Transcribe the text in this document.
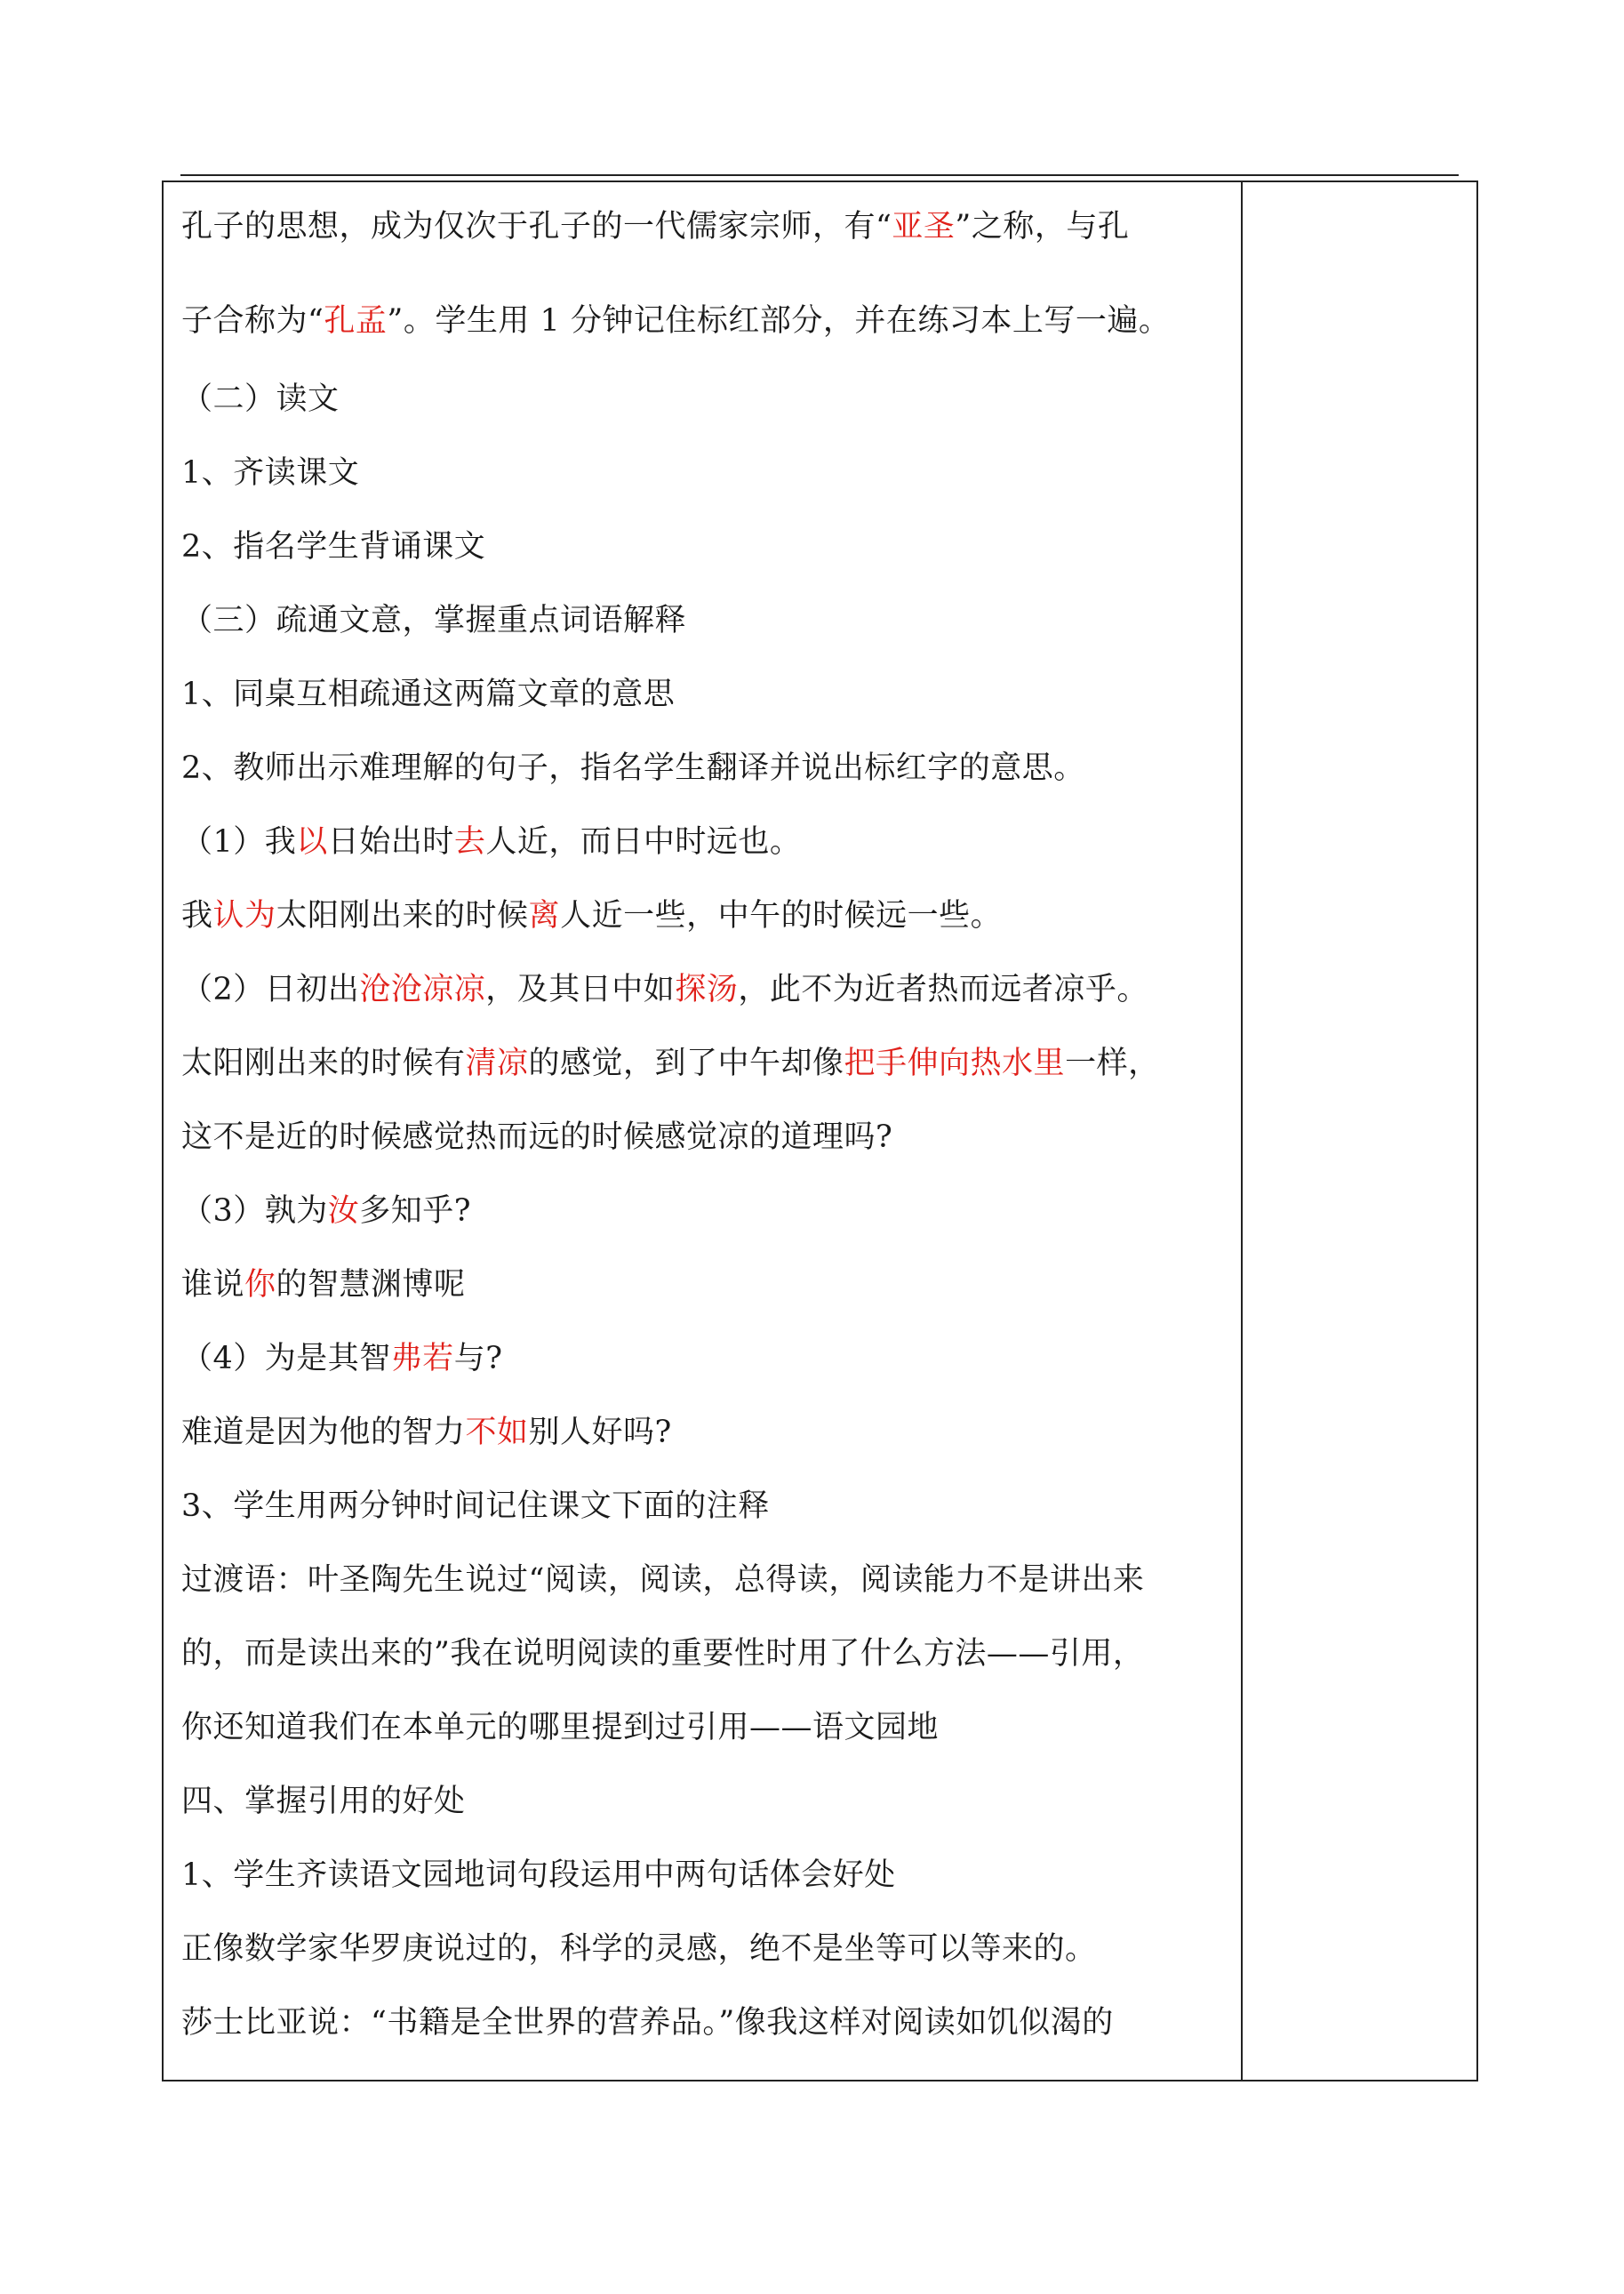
孔子的思想，成为仅次于孔子的一代儒家宗师，有“亚圣”之称，与孔
子合称为“孔孟”。学生用 1 分钟记住标红部分，并在练习本上写一遍。
（二）读文
1、齐读课文
2、指名学生背诵课文
（三）疏通文意，掌握重点词语解释
1、同桌互相疏通这两篇文章的意思
2、教师出示难理解的句子，指名学生翻译并说出标红字的意思。
（1）我以日始出时去人近，而日中时远也。
我认为太阳刚出来的时候离人近一些，中午的时候远一些。
（2）日初出沧沧凉凉，及其日中如探汤，此不为近者热而远者凉乎。
太阳刚出来的时候有清凉的感觉，到了中午却像把手伸向热水里一样，
这不是近的时候感觉热而远的时候感觉凉的道理吗?
（3）孰为汝多知乎?
谁说你的智慧渊博呢
（4）为是其智弗若与?
难道是因为他的智力不如别人好吗?
3、学生用两分钟时间记住课文下面的注释
过渡语：叶圣陶先生说过“阅读，阅读，总得读，阅读能力不是讲出来
的，而是读出来的”我在说明阅读的重要性时用了什么方法——引用，
你还知道我们在本单元的哪里提到过引用——语文园地
四、掌握引用的好处
1、学生齐读语文园地词句段运用中两句话体会好处
正像数学家华罗庚说过的，科学的灵感，绝不是坐等可以等来的。
莎士比亚说：“书籍是全世界的营养品。”像我这样对阅读如饥似渴的
